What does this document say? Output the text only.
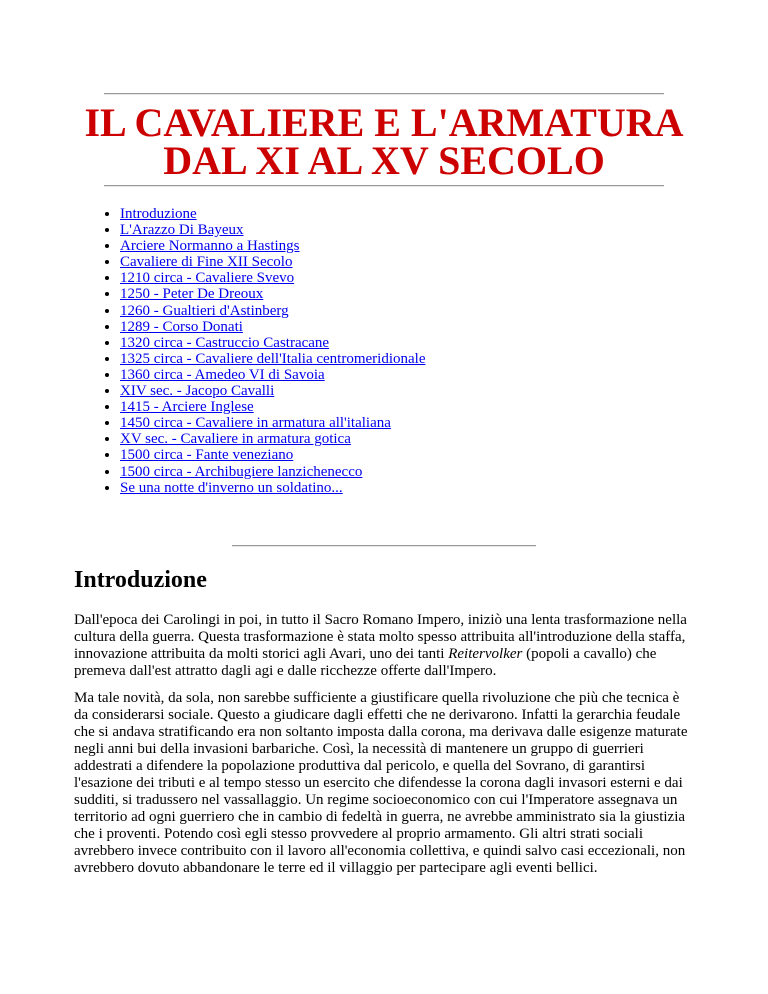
IL CAVALIERE E L'ARMATURA
DAL XI AL XV SECOLO
• Introduzione
• L'Arazzo Di Bayeux
• Arciere Normanno a Hastings
• Cavaliere di Fine XII Secolo
• 1210 circa - Cavaliere Svevo
• 1250 - Peter De Dreoux
• 1260 - Gualtieri d'Astinberg
• 1289 - Corso Donati
• 1320 circa - Castruccio Castracane
• 1325 circa - Cavaliere dell'Italia centromeridionale
• 1360 circa - Amedeo VI di Savoia
• XIV sec. - Jacopo Cavalli
• 1415 - Arciere Inglese
• 1450 circa - Cavaliere in armatura all'italiana
• XV sec. - Cavaliere in armatura gotica
• 1500 circa - Fante veneziano
• 1500 circa - Archibugiere lanzichenecco
• Se una notte d'inverno un soldatino...
Introduzione

Dall'epoca dei Carolingi in poi, in tutto il Sacro Romano Impero, iniziò una lenta trasformazione nella cultura della guerra. Questa trasformazione è stata molto spesso attribuita all'introduzione della staffa, innovazione attribuita da molti storici agli Avari, uno dei tanti Reitervolker (popoli a cavallo) che premeva dall'est attratto dagli agi e dalle ricchezze offerte dall'Impero.

Ma tale novità, da sola, non sarebbe sufficiente a giustificare quella rivoluzione che più che tecnica è da considerarsi sociale. Questo a giudicare dagli effetti che ne derivarono. Infatti la gerarchia feudale che si andava stratificando era non soltanto imposta dalla corona, ma derivava dalle esigenze maturate negli anni bui della invasioni barbariche. Così, la necessità di mantenere un gruppo di guerrieri addestrati a difendere la popolazione produttiva dal pericolo, e quella del Sovrano, di garantirsi l'esazione dei tributi e al tempo stesso un esercito che difendesse la corona dagli invasori esterni e dai sudditi, si tradussero nel vassallaggio. Un regime socioeconomico con cui l'Imperatore assegnava un territorio ad ogni guerriero che in cambio di fedeltà in guerra, ne avrebbe amministrato sia la giustizia che i proventi. Potendo così egli stesso provvedere al proprio armamento. Gli altri strati sociali avrebbero invece contribuito con il lavoro all'economia collettiva, e quindi salvo casi eccezionali, non avrebbero dovuto abbandonare le terre ed il villaggio per partecipare agli eventi bellici.
